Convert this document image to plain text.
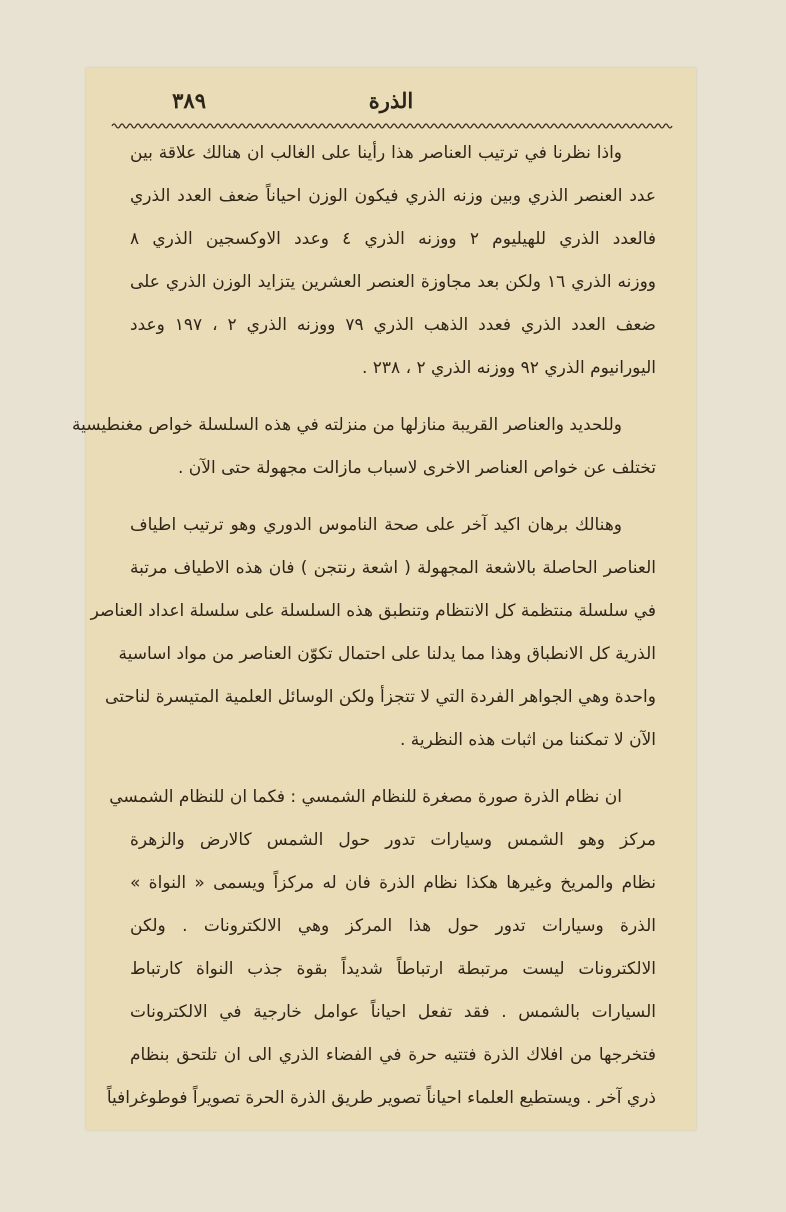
٣٨٩	الذرة
واذا نظرنا في ترتيب العناصر هذا رأينا على الغالب ان هنالك علاقة بين
عدد العنصر الذري وبين وزنه الذري فيكون الوزن احياناً ضعف العدد الذري
فالعدد الذري للهيليوم ٢ ووزنه الذري ٤ وعدد الاوكسجين الذري ٨
ووزنه الذري ١٦ ولكن بعد مجاوزة العنصر العشرين يتزايد الوزن الذري على
ضعف العدد الذري فعدد الذهب الذري ٧٩ ووزنه الذري ٢ ، ١٩٧ وعدد
اليورانيوم الذري ٩٢ ووزنه الذري ٢ ، ٢٣٨ .
وللحديد والعناصر القريبة منازلها من منزلته في هذه السلسلة خواص مغنطيسية
تختلف عن خواص العناصر الاخرى لاسباب مازالت مجهولة حتى الآن .
وهنالك برهان اكيد آخر على صحة الناموس الدوري وهو ترتيب اطياف
العناصر الحاصلة بالاشعة المجهولة ( اشعة رنتجن ) فان هذه الاطياف مرتبة
في سلسلة منتظمة كل الانتظام وتنطبق هذه السلسلة على سلسلة اعداد العناصر
الذرية كل الانطباق وهذا مما يدلنا على احتمال تكوّن العناصر من مواد اساسية
واحدة وهي الجواهر الفردة التي لا تتجزأ ولكن الوسائل العلمية المتيسرة لناحتى
الآن لا تمكننا من اثبات هذه النظرية .
ان نظام الذرة صورة مصغرة للنظام الشمسي : فكما ان للنظام الشمسي
مركز وهو الشمس وسيارات تدور حول الشمس كالارض والزهرة
نظام والمريخ وغيرها هكذا نظام الذرة فان له مركزاً ويسمى « النواة »
الذرة وسيارات تدور حول هذا المركز وهي الالكترونات . ولكن
الالكترونات ليست مرتبطة ارتباطاً شديداً بقوة جذب النواة كارتباط
السيارات بالشمس . فقد تفعل احياناً عوامل خارجية في الالكترونات
فتخرجها من افلاك الذرة فتتيه حرة في الفضاء الذري الى ان تلتحق بنظام
ذري آخر . ويستطيع العلماء احياناً تصوير طريق الذرة الحرة تصويراً فوطوغرافياً
